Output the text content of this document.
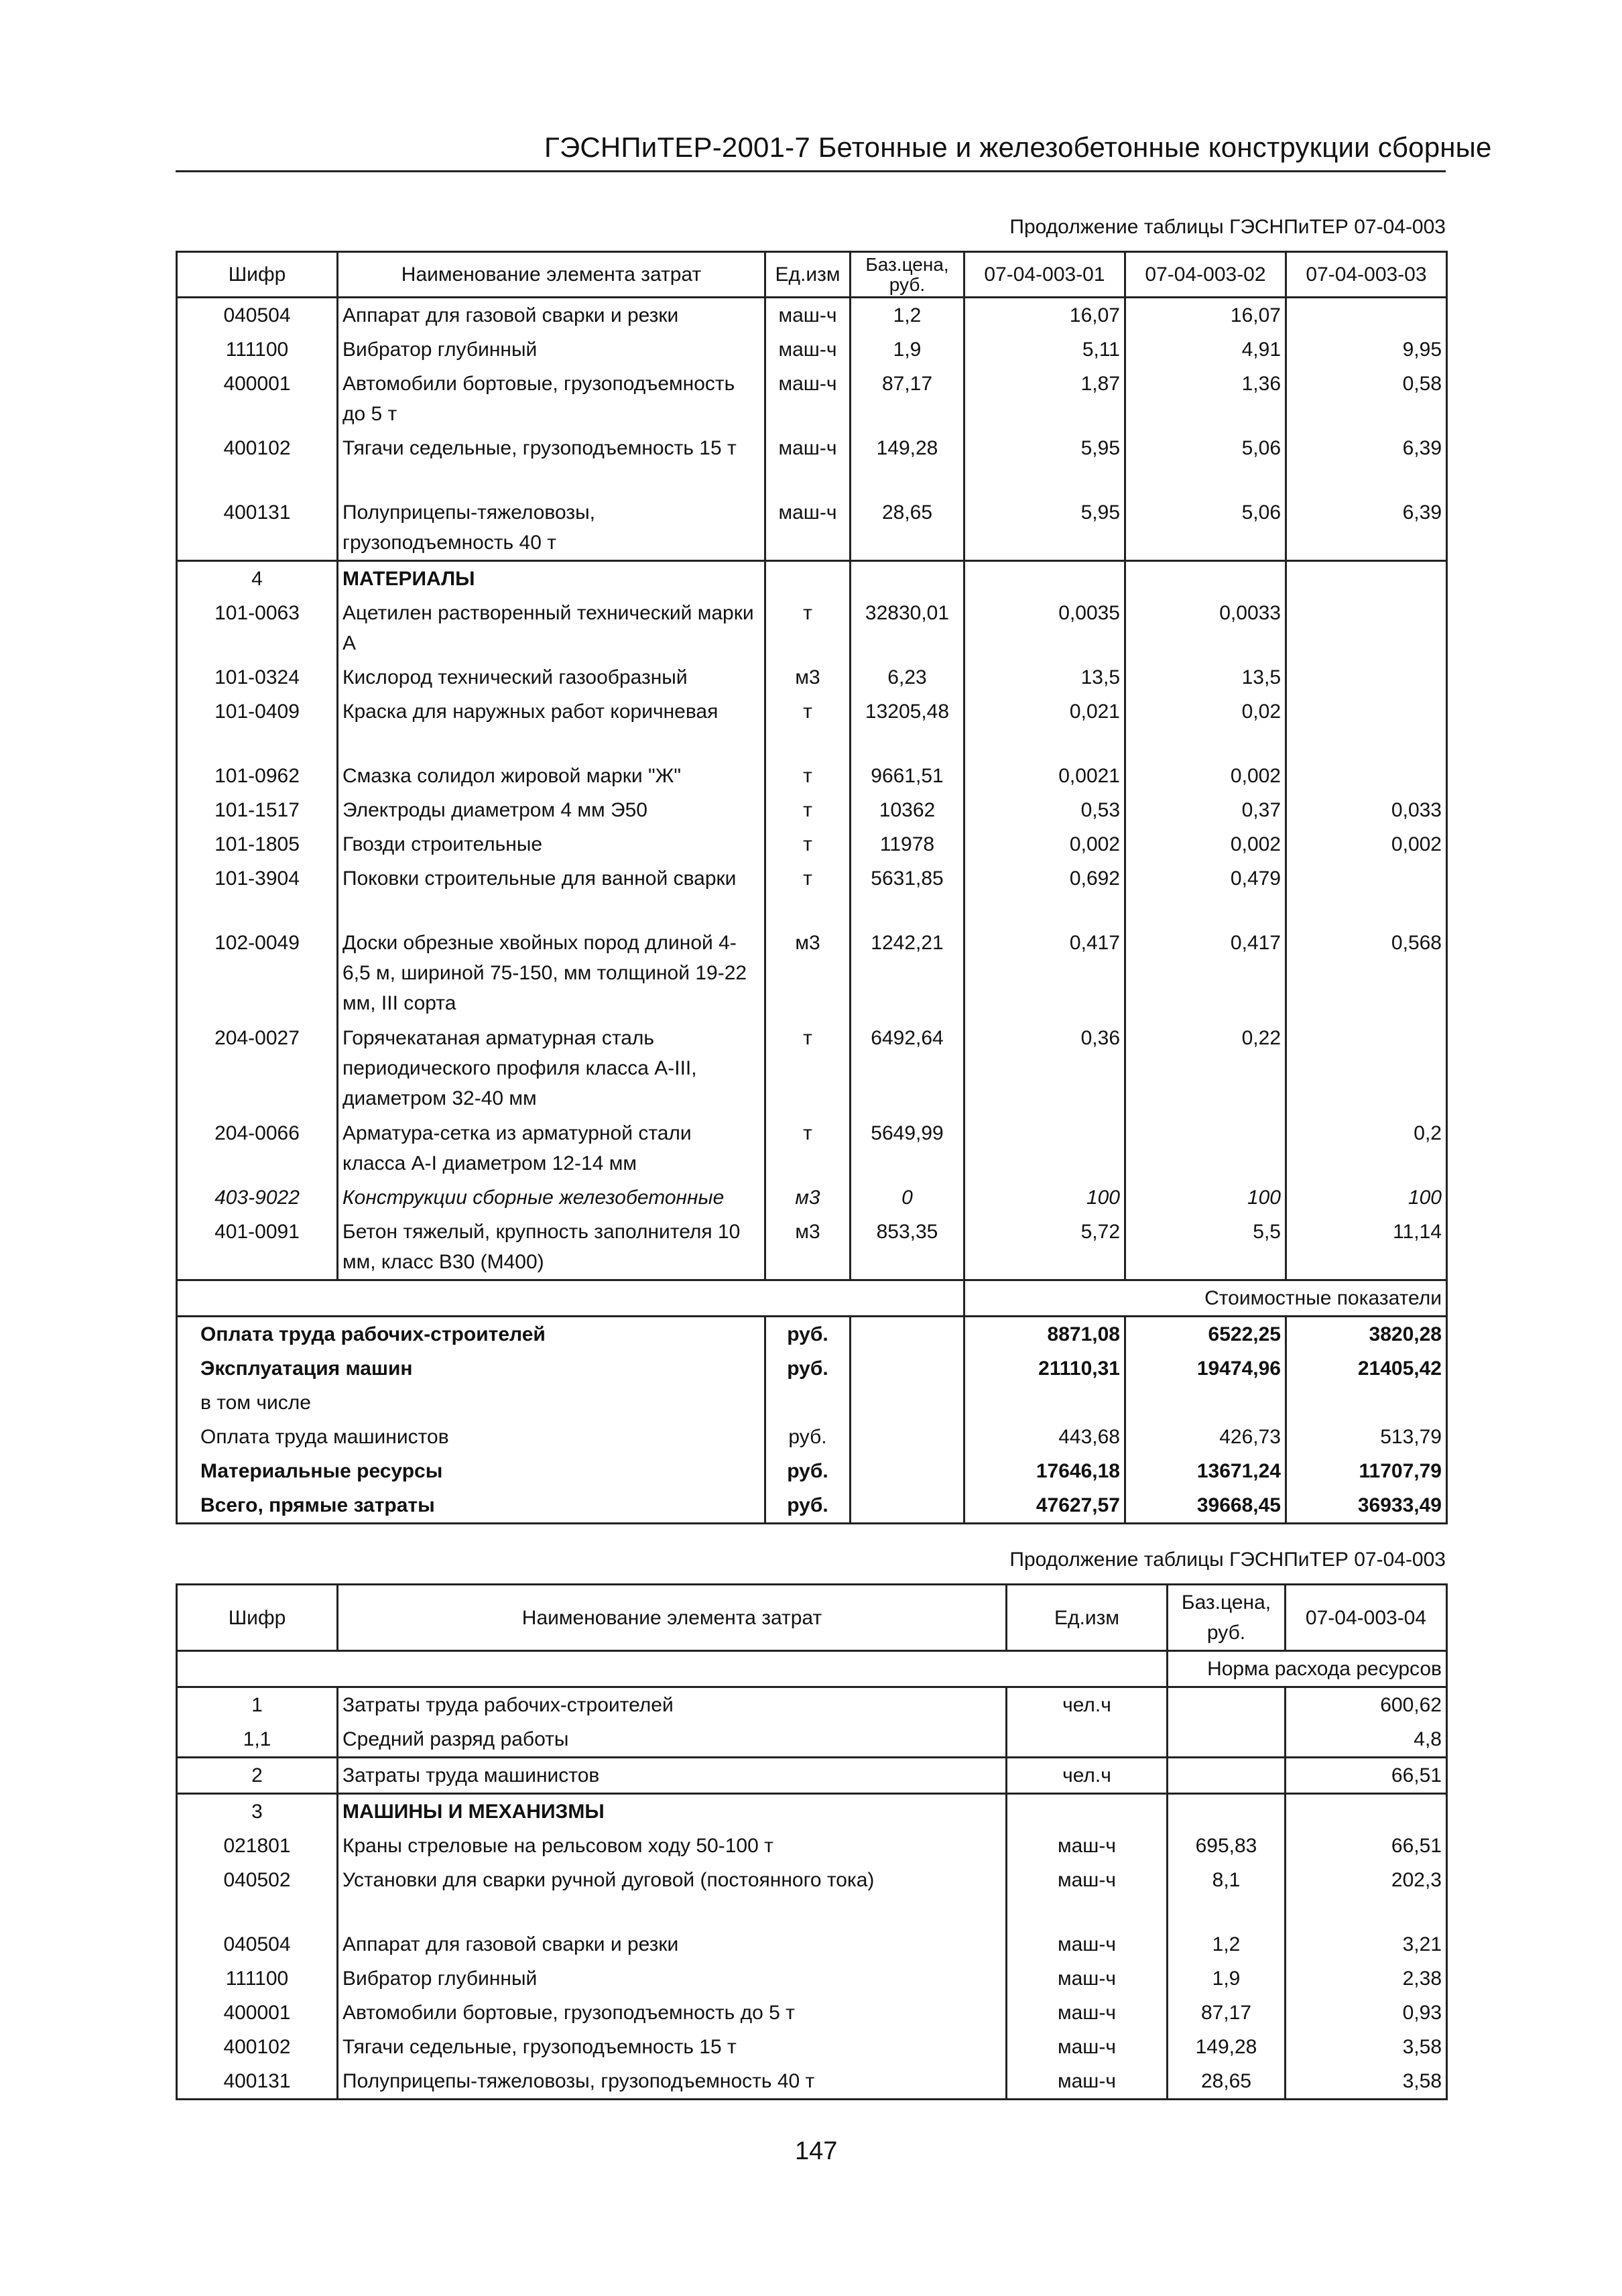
ГЭСНПиТЕР-2001-7 Бетонные и железобетонные конструкции сборные
Продолжение таблицы ГЭСНПиТЕР 07-04-003
Шифр	Наименование элемента затрат	Ед.изм	Баз.цена, руб.	07-04-003-01	07-04-003-02	07-04-003-03
040504	Аппарат для газовой сварки и резки	маш-ч	1,2	16,07	16,07	
111100	Вибратор глубинный	маш-ч	1,9	5,11	4,91	9,95
400001	Автомобили бортовые, грузоподъемность до 5 т	маш-ч	87,17	1,87	1,36	0,58
400102	Тягачи седельные, грузоподъемность 15 т	маш-ч	149,28	5,95	5,06	6,39
400131	Полуприцепы-тяжеловозы, грузоподъемность 40 т	маш-ч	28,65	5,95	5,06	6,39
4	МАТЕРИАЛЫ					
101-0063	Ацетилен растворенный технический марки А	т	32830,01	0,0035	0,0033	
101-0324	Кислород технический газообразный	м3	6,23	13,5	13,5	
101-0409	Краска для наружных работ коричневая	т	13205,48	0,021	0,02	
101-0962	Смазка солидол жировой марки "Ж"	т	9661,51	0,0021	0,002	
101-1517	Электроды диаметром 4 мм Э50	т	10362	0,53	0,37	0,033
101-1805	Гвозди строительные	т	11978	0,002	0,002	0,002
101-3904	Поковки строительные для ванной сварки	т	5631,85	0,692	0,479	
102-0049	Доски обрезные хвойных пород длиной 4-6,5 м, шириной 75-150, мм толщиной 19-22 мм, III сорта	м3	1242,21	0,417	0,417	0,568
204-0027	Горячекатаная арматурная сталь периодического профиля класса А-III, диаметром 32-40 мм	т	6492,64	0,36	0,22	
204-0066	Арматура-сетка из арматурной стали класса А-I диаметром 12-14 мм	т	5649,99			0,2
403-9022	Конструкции сборные железобетонные	м3	0	100	100	100
401-0091	Бетон тяжелый, крупность заполнителя 10 мм, класс В30 (М400)	м3	853,35	5,72	5,5	11,14
				Стоимостные показатели		
Оплата труда рабочих-строителей		руб.		8871,08	6522,25	3820,28
Эксплуатация машин		руб.		21110,31	19474,96	21405,42
в том числе						
Оплата труда машинистов		руб.		443,68	426,73	513,79
Материальные ресурсы		руб.		17646,18	13671,24	11707,79
Всего, прямые затраты		руб.		47627,57	39668,45	36933,49
Продолжение таблицы ГЭСНПиТЕР 07-04-003
Шифр	Наименование элемента затрат	Ед.изм	Баз.цена, руб.	07-04-003-04
			Норма расхода ресурсов	
1	Затраты труда рабочих-строителей	чел.ч		600,62
1,1	Средний разряд работы			4,8
2	Затраты труда машинистов	чел.ч		66,51
3	МАШИНЫ И МЕХАНИЗМЫ			
021801	Краны стреловые на рельсовом ходу 50-100 т	маш-ч	695,83	66,51
040502	Установки для сварки ручной дуговой (постоянного тока)	маш-ч	8,1	202,3
040504	Аппарат для газовой сварки и резки	маш-ч	1,2	3,21
111100	Вибратор глубинный	маш-ч	1,9	2,38
400001	Автомобили бортовые, грузоподъемность до 5 т	маш-ч	87,17	0,93
400102	Тягачи седельные, грузоподъемность 15 т	маш-ч	149,28	3,58
400131	Полуприцепы-тяжеловозы, грузоподъемность 40 т	маш-ч	28,65	3,58
147
